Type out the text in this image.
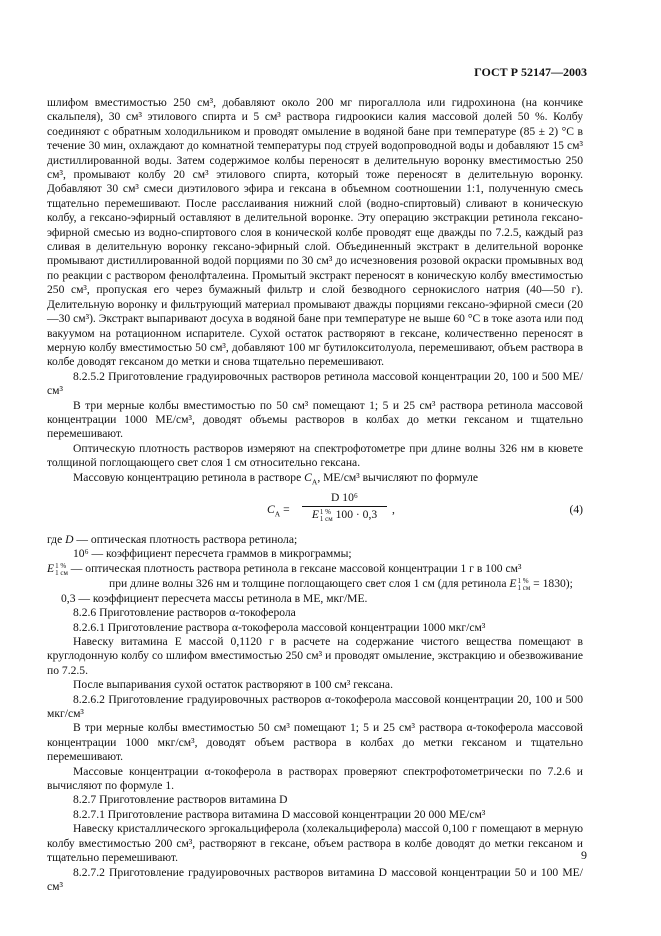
ГОСТ Р 52147—2003

шлифом вместимостью 250 см³, добавляют около 200 мг пирогаллола или гидрохинона (на кончике скальпеля), 30 см³ этилового спирта и 5 см³ раствора гидроокиси калия массовой долей 50 %. Колбу соединяют с обратным холодильником и проводят омыление в водяной бане при температуре (85 ± 2) °С в течение 30 мин, охлаждают до комнатной температуры под струей водопроводной воды и добавляют 15 см³ дистиллированной воды. Затем содержимое колбы переносят в делительную воронку вместимостью 250 см³, промывают колбу 20 см³ этилового спирта, который тоже переносят в делительную воронку. Добавляют 30 см³ смеси диэтилового эфира и гексана в объемном соотношении 1:1, полученную смесь тщательно перемешивают. После расслаивания нижний слой (водно-спиртовый) сливают в коническую колбу, а гексано-эфирный оставляют в делительной воронке. Эту операцию экстракции ретинола гексано-эфирной смесью из водно-спиртового слоя в конической колбе проводят еще дважды по 7.2.5, каждый раз сливая в делительную воронку гексано-эфирный слой. Объединенный экстракт в делительной воронке промывают дистиллированной водой порциями по 30 см³ до исчезновения розовой окраски промывных вод по реакции с раствором фенолфталеина. Промытый экстракт переносят в коническую колбу вместимостью 250 см³, пропуская его через бумажный фильтр и слой безводного сернокислого натрия (40—50 г). Делительную воронку и фильтрующий материал промывают дважды порциями гексано-эфирной смеси (20—30 см³). Экстракт выпаривают досуха в водяной бане при температуре не выше 60 °С в токе азота или под вакуумом на ротационном испарителе. Сухой остаток растворяют в гексане, количественно переносят в мерную колбу вместимостью 50 см³, добавляют 100 мг бутилокситолуола, перемешивают, объем раствора в колбе доводят гексаном до метки и снова тщательно перемешивают.

8.2.5.2 Приготовление градуировочных растворов ретинола массовой концентрации 20, 100 и 500 МЕ/см³

В три мерные колбы вместимостью по 50 см³ помещают 1; 5 и 25 см³ раствора ретинола массовой концентрации 1000 МЕ/см³, доводят объемы растворов в колбах до метки гексаном и тщательно перемешивают.

Оптическую плотность растворов измеряют на спектрофотометре при длине волны 326 нм в кювете толщиной поглощающего свет слоя 1 см относительно гексана.

Массовую концентрацию ретинола в растворе $C_A$, МЕ/см³ вычисляют по формуле

$C_A$ =
D 10⁶
E1 %
1 см 100 · 0,3	,	(4)

где D — оптическая плотность раствора ретинола;

10⁶ — коэффициент пересчета граммов в микрограммы;

E1 %
1 см — оптическая плотность раствора ретинола в гексане массовой концентрации 1 г в 100 см³

при длине волны 326 нм и толщине поглощающего свет слоя 1 см (для ретинола E1 %
1 см = 1830);

0,3 — коэффициент пересчета массы ретинола в МЕ, мкг/МЕ.

8.2.6 Приготовление растворов α-токоферола

8.2.6.1 Приготовление раствора α-токоферола массовой концентрации 1000 мкг/см³

Навеску витамина Е массой 0,1120 г в расчете на содержание чистого вещества помещают в круглодонную колбу со шлифом вместимостью 250 см³ и проводят омыление, экстракцию и обезвоживание по 7.2.5.

После выпаривания сухой остаток растворяют в 100 см³ гексана.

8.2.6.2 Приготовление градуировочных растворов α-токоферола массовой концентрации 20, 100 и 500 мкг/см³

В три мерные колбы вместимостью 50 см³ помещают 1; 5 и 25 см³ раствора α-токоферола массовой концентрации 1000 мкг/см³, доводят объем раствора в колбах до метки гексаном и тщательно перемешивают.

Массовые концентрации α-токоферола в растворах проверяют спектрофотометрически по 7.2.6 и вычисляют по формуле 1.

8.2.7 Приготовление растворов витамина D

8.2.7.1 Приготовление раствора витамина D массовой концентрации 20 000 МЕ/см³

Навеску кристаллического эргокальциферола (холекальциферола) массой 0,100 г помещают в мерную колбу вместимостью 200 см³, растворяют в гексане, объем раствора в колбе доводят до метки гексаном и тщательно перемешивают.

8.2.7.2 Приготовление градуировочных растворов витамина D массовой концентрации 50 и 100 МЕ/см³

9
